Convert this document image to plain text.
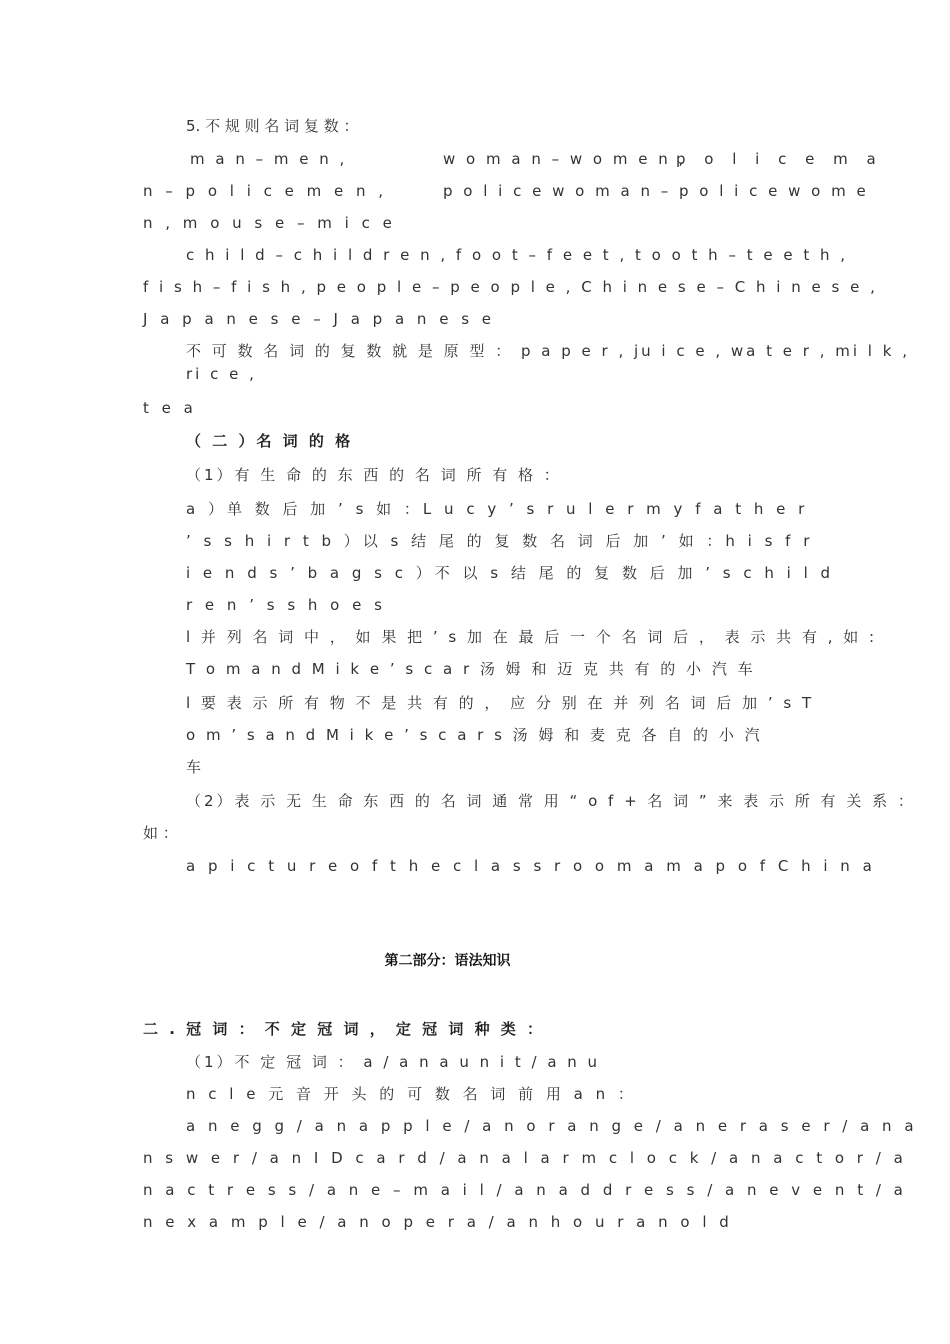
5. 不 规 则 名 词 复 数 ：
m a n – m e n ,	w o m a n – w o m e n ,
p o l i c e m a
n – p o l i c e m e n ,	p o l i c e w o m a n – p o l i c e w o m e
n , m o u s e – m i c e
c h i l d – c h i l d r e n , f o o t – f e e t , t o o t h – t e e t h ,
f i s h – f i s h , p e o p l e – p e o p l e , C h i n e s e – C h i n e s e ,
J a p a n e s e – J a p a n e s e
不 可 数 名 词 的 复 数 就 是 原 型 ： p a p e r , ju i c e , wa t e r , mi l k ,
ri c e ,
t e a
（ 二 ）名 词 的 格
（1）有 生 命 的 东 西 的 名 词 所 有 格 ：
a ）单 数 后 加 ’ s 如 ：L u c y ’ s r u l e r m y f a t h e r
’ s s h i r t b ）以 s 结 尾 的 复 数 名 词 后 加 ’ 如 ：h i s f r
i e n d s ’ b a g s c ）不 以 s 结 尾 的 复 数 后 加 ’ s c h i l d
r e n ’ s s h o e s
l 并 列 名 词 中 ， 如 果 把 ’ s 加 在 最 后 一 个 名 词 后 ， 表 示 共 有 , 如 :
T o m a n d M i k e ’ s c a r 汤 姆 和 迈 克 共 有 的 小 汽 车
l 要 表 示 所 有 物 不 是 共 有 的 ， 应 分 别 在 并 列 名 词 后 加 ’ s T
o m ’ s a n d M i k e ’ s c a r s 汤 姆 和 麦 克 各 自 的 小 汽
车
（2）表 示 无 生 命 东 西 的 名 词 通 常 用 “ o f + 名 词 ” 来 表 示 所 有 关 系 ：
如 ：
a p i c t u r e o f t h e c l a s s r o o m a m a p o f C h i n a
第二部分：语法知识
二 . 冠 词 ： 不 定 冠 词 ， 定 冠 词 种 类 ：
（1）不 定 冠 词 ： a / a n a u n i t / a n u
n c l e 元 音 开 头 的 可 数 名 词 前 用 a n ：
a n e g g / a n a p p l e / a n o r a n g e / a n e r a s e r / a n a
n s w e r / a n I D c a r d / a n a l a r m c l o c k / a n a c t o r / a
n a c t r e s s / a n e – m a i l / a n a d d r e s s / a n e v e n t / a
n e x a m p l e / a n o p e r a / a n h o u r a n o l d
